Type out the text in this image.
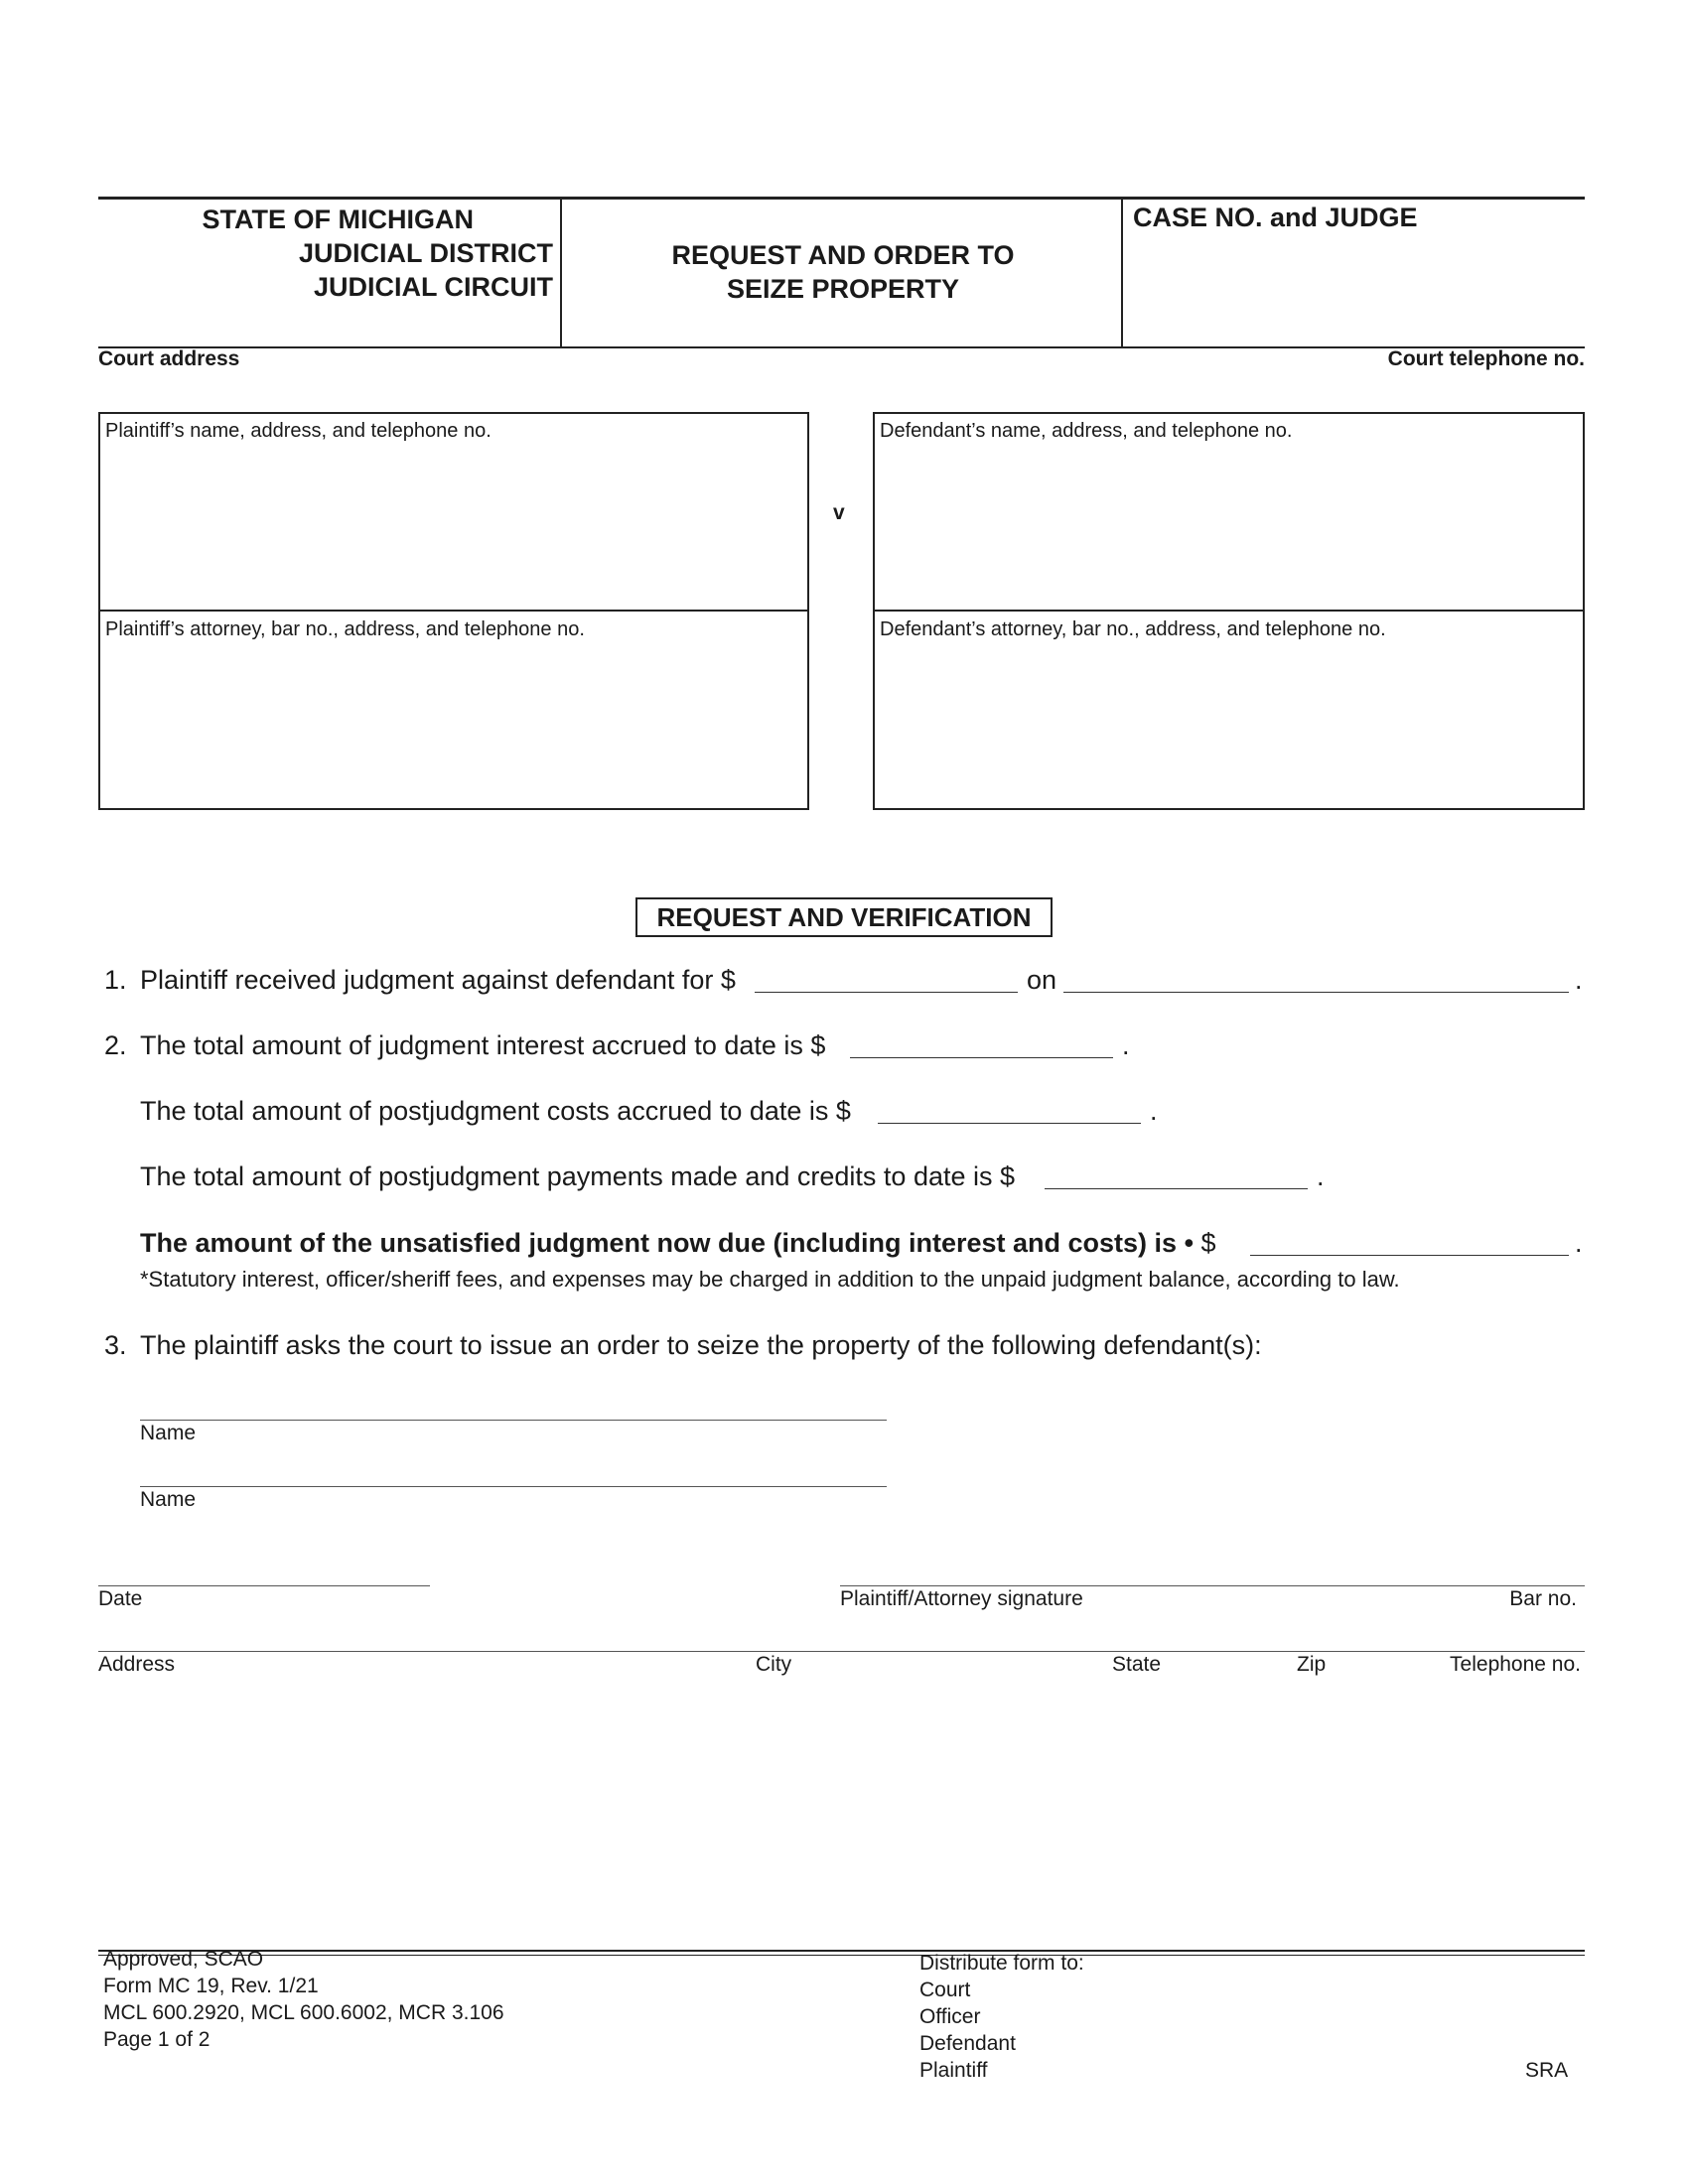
STATE OF MICHIGAN
JUDICIAL DISTRICT
JUDICIAL CIRCUIT
REQUEST AND ORDER TO
SEIZE PROPERTY
CASE NO. and JUDGE
Court address	Court telephone no.
Plaintiff’s name, address, and telephone no.
Plaintiff’s attorney, bar no., address, and telephone no.
v
Defendant’s name, address, and telephone no.
Defendant’s attorney, bar no., address, and telephone no.
REQUEST AND VERIFICATION
1. Plaintiff received judgment against defendant for $	on	.
2. The total amount of judgment interest accrued to date is $	.
The total amount of postjudgment costs accrued to date is $	.
The total amount of postjudgment payments made and credits to date is $	.
The amount of the unsatisfied judgment now due (including interest and costs) is • $	.
*Statutory interest, officer/sheriff fees, and expenses may be charged in addition to the unpaid judgment balance, according to law.
3. The plaintiff asks the court to issue an order to seize the property of the following defendant(s):
Name
Name
Date	Plaintiff/Attorney signature	Bar no.
Address	City	State	Zip	Telephone no.
Approved, SCAO
Form MC 19, Rev. 1/21
MCL 600.2920, MCL 600.6002, MCR 3.106
Page 1 of 2
Distribute form to:
Court
Officer
Defendant
Plaintiff	SRA
